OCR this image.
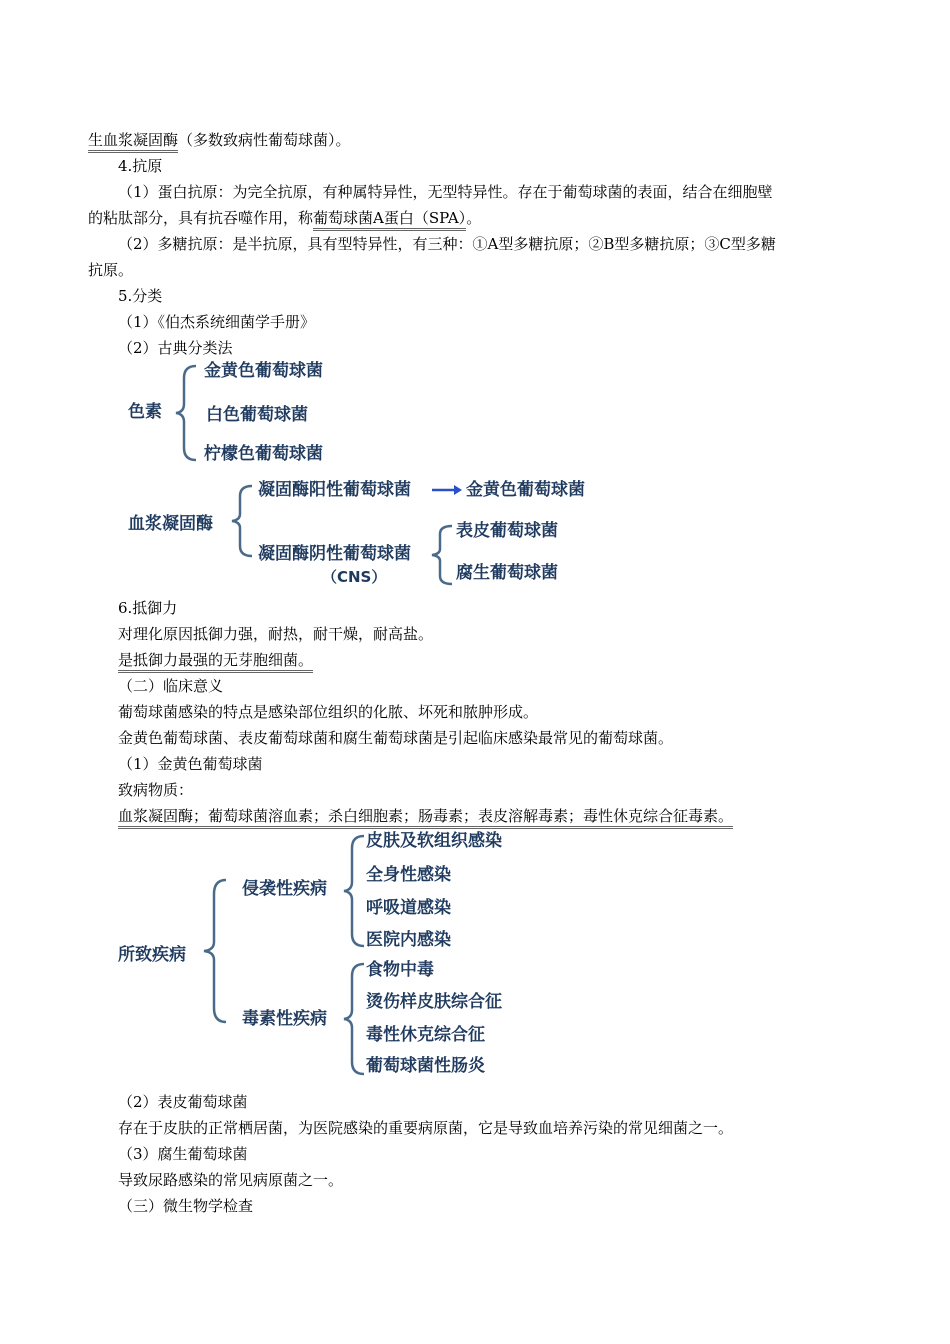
生血浆凝固酶（多数致病性葡萄球菌）。
4.抗原
（1）蛋白抗原：为完全抗原，有种属特异性，无型特异性。存在于葡萄球菌的表面，结合在细胞壁
的粘肽部分，具有抗吞噬作用，称葡萄球菌A蛋白（SPA）。
（2）多糖抗原：是半抗原，具有型特异性，有三种：①A型多糖抗原；②B型多糖抗原；③C型多糖
抗原。
5.分类
（1）《伯杰系统细菌学手册》
（2）古典分类法
色素
金黄色葡萄球菌
白色葡萄球菌
柠檬色葡萄球菌
血浆凝固酶
凝固酶阳性葡萄球菌	金黄色葡萄球菌
凝固酶阴性葡萄球菌
（CNS）
表皮葡萄球菌
腐生葡萄球菌
6.抵御力
对理化原因抵御力强，耐热，耐干燥，耐高盐。
是抵御力最强的无芽胞细菌。
（二）临床意义
葡萄球菌感染的特点是感染部位组织的化脓、坏死和脓肿形成。
金黄色葡萄球菌、表皮葡萄球菌和腐生葡萄球菌是引起临床感染最常见的葡萄球菌。
（1）金黄色葡萄球菌
致病物质：
血浆凝固酶；葡萄球菌溶血素；杀白细胞素；肠毒素；表皮溶解毒素；毒性休克综合征毒素。
所致疾病
侵袭性疾病
皮肤及软组织感染
全身性感染
呼吸道感染
医院内感染
毒素性疾病
食物中毒
烫伤样皮肤综合征
毒性休克综合征
葡萄球菌性肠炎
（2）表皮葡萄球菌
存在于皮肤的正常栖居菌，为医院感染的重要病原菌，它是导致血培养污染的常见细菌之一。
（3）腐生葡萄球菌
导致尿路感染的常见病原菌之一。
（三）微生物学检查
